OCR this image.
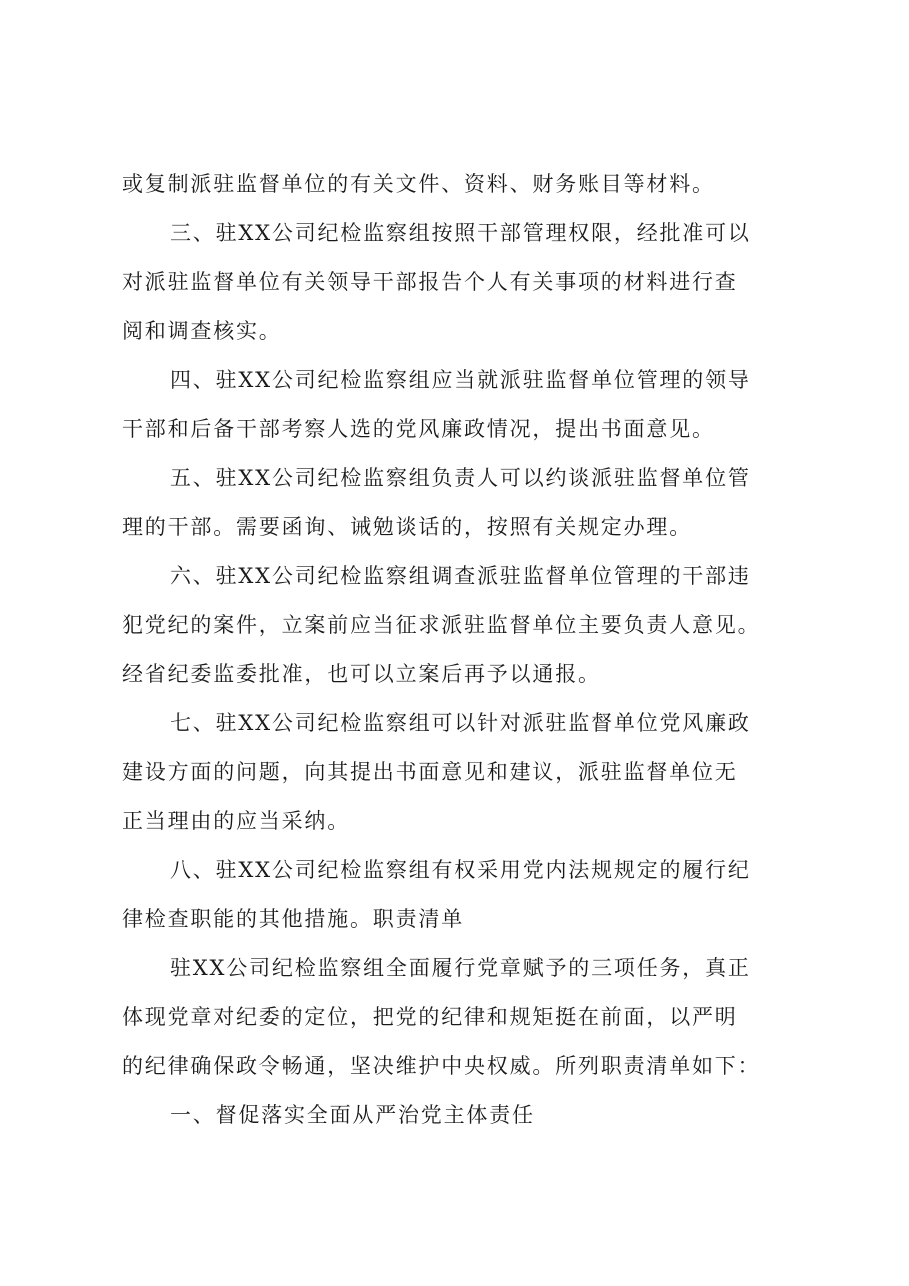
或复制派驻监督单位的有关文件、资料、财务账目等材料。

三、驻XX公司纪检监察组按照干部管理权限，经批准可以
对派驻监督单位有关领导干部报告个人有关事项的材料进行查
阅和调查核实。

四、驻XX公司纪检监察组应当就派驻监督单位管理的领导
干部和后备干部考察人选的党风廉政情况，提出书面意见。

五、驻XX公司纪检监察组负责人可以约谈派驻监督单位管
理的干部。需要函询、诫勉谈话的，按照有关规定办理。

六、驻XX公司纪检监察组调查派驻监督单位管理的干部违
犯党纪的案件，立案前应当征求派驻监督单位主要负责人意见。
经省纪委监委批准，也可以立案后再予以通报。

七、驻XX公司纪检监察组可以针对派驻监督单位党风廉政
建设方面的问题，向其提出书面意见和建议，派驻监督单位无
正当理由的应当采纳。

八、驻XX公司纪检监察组有权采用党内法规规定的履行纪
律检查职能的其他措施。职责清单

驻XX公司纪检监察组全面履行党章赋予的三项任务，真正
体现党章对纪委的定位，把党的纪律和规矩挺在前面，以严明
的纪律确保政令畅通，坚决维护中央权威。所列职责清单如下：

一、督促落实全面从严治党主体责任
